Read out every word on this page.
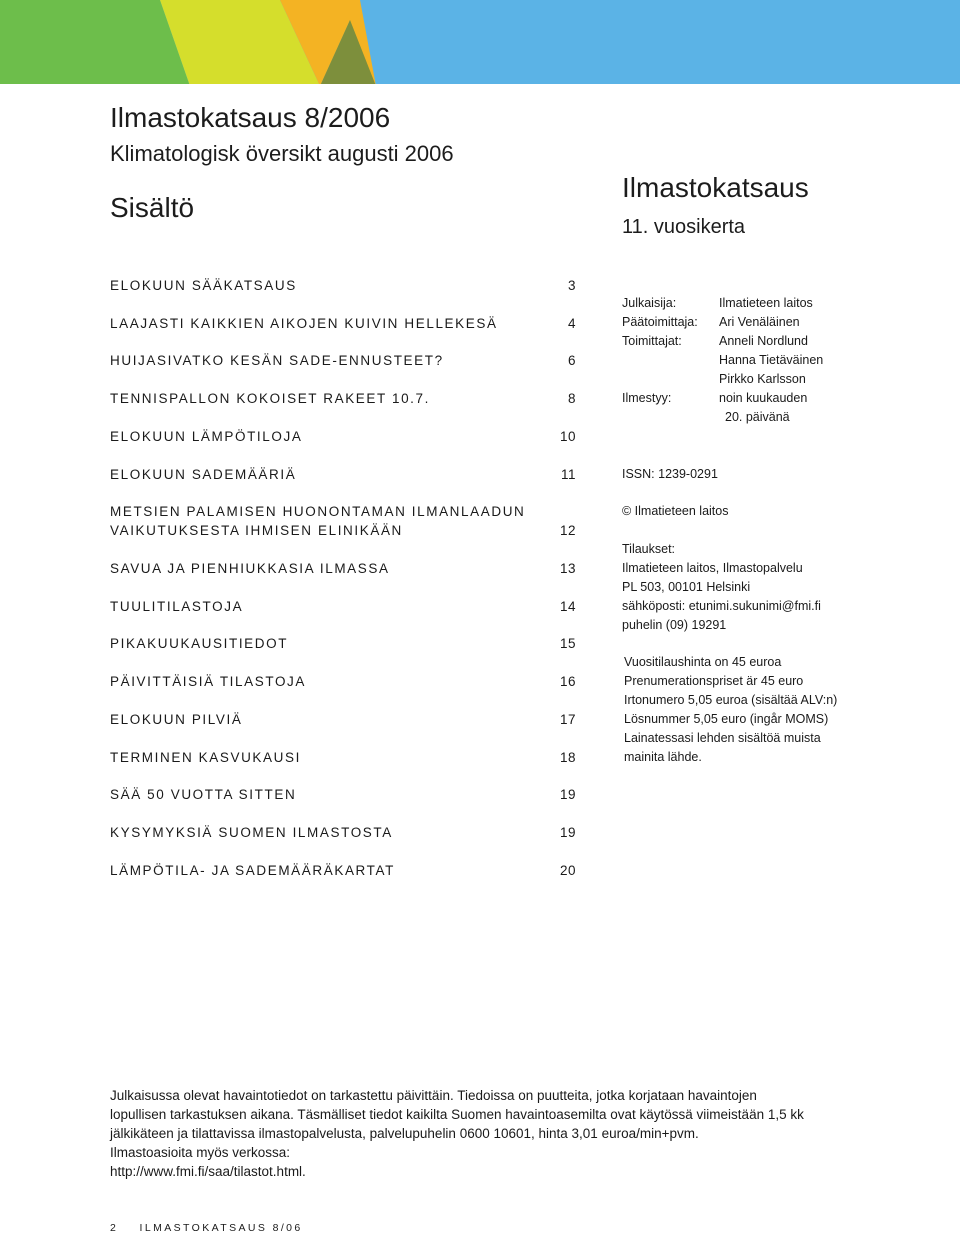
Ilmastokatsaus 8/2006
Klimatologisk översikt augusti 2006
Sisältö
Ilmastokatsaus
11. vuosikerta
ELOKUUN SÄÄKATSAUS	3
LAAJASTI KAIKKIEN AIKOJEN KUIVIN HELLEKESÄ	4
HUIJASIVATKO KESÄN SADE-ENNUSTEET?	6
TENNISPALLON KOKOISET RAKEET 10.7.	8
ELOKUUN LÄMPÖTILOJA	10
ELOKUUN SADEMÄÄRIÄ	11
METSIEN PALAMISEN HUONONTAMAN ILMANLAADUN
VAIKUTUKSESTA IHMISEN ELINIKÄÄN	12
SAVUA JA PIENHIUKKASIA ILMASSA	13
TUULITILASTOJA	14
PIKAKUUKAUSITIEDOT	15
PÄIVITTÄISIÄ TILASTOJA	16
ELOKUUN PILVIÄ	17
TERMINEN KASVUKAUSI	18
SÄÄ 50 VUOTTA SITTEN	19
KYSYMYKSIÄ SUOMEN ILMASTOSTA	19
LÄMPÖTILA- JA SADEMÄÄRÄKARTAT	20
Julkaisija:	Ilmatieteen laitos
Päätoimittaja: Ari Venäläinen
Toimittajat:	Anneli Nordlund
Hanna Tietäväinen
Pirkko Karlsson
Ilmestyy:	noin kuukauden
20. päivänä
ISSN: 1239-0291
© Ilmatieteen laitos
Tilaukset:
Ilmatieteen laitos, Ilmastopalvelu
PL 503, 00101 Helsinki
sähköposti: etunimi.sukunimi@fmi.fi
puhelin (09) 19291
Vuositilaushinta on 45 euroa
Prenumerationspriset är 45 euro
Irtonumero 5,05 euroa (sisältää ALV:n)
Lösnummer 5,05 euro (ingår MOMS)
Lainatessasi lehden sisältöä muista
mainita lähde.
Julkaisussa olevat havaintotiedot on tarkastettu päivittäin. Tiedoissa on puutteita, jotka korjataan havaintojen
lopullisen tarkastuksen aikana. Täsmälliset tiedot kaikilta Suomen havaintoasemilta ovat käytössä viimeistään 1,5 kk
jälkikäteen ja tilattavissa ilmastopalvelusta, palvelupuhelin 0600 10601, hinta 3,01 euroa/min+pvm.
Ilmastoasioita myös verkossa:
http://www.fmi.fi/saa/tilastot.html.
2 ILMASTOKATSAUS 8/06
